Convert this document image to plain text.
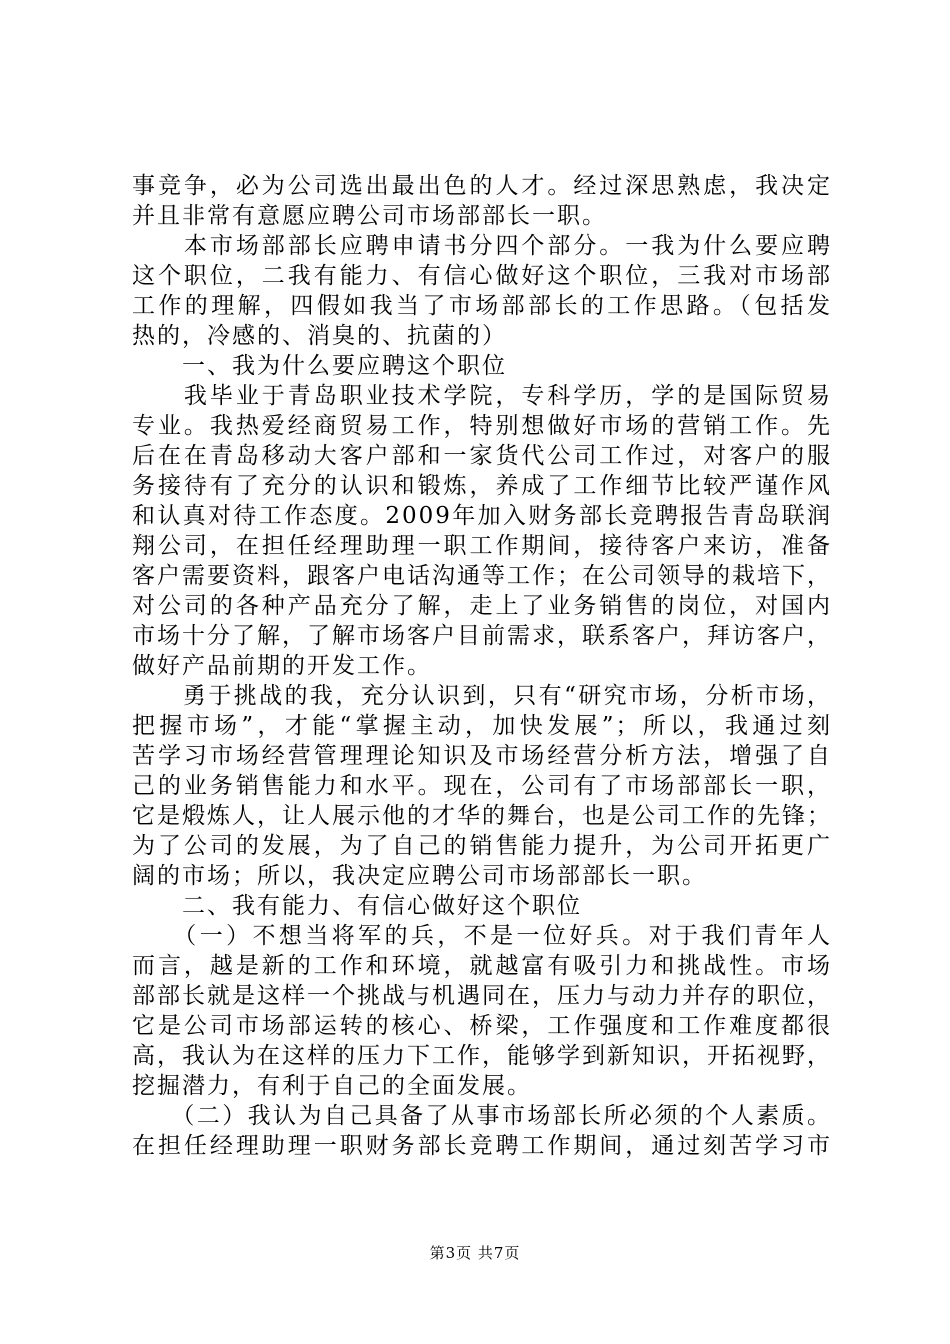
事竞争，必为公司选出最出色的人才。经过深思熟虑，我决定
并且非常有意愿应聘公司市场部部长一职。
　　本市场部部长应聘申请书分四个部分。一我为什么要应聘
这个职位，二我有能力、有信心做好这个职位，三我对市场部
工作的理解，四假如我当了市场部部长的工作思路。（包括发
热的，冷感的、消臭的、抗菌的）
　　一、我为什么要应聘这个职位
　　我毕业于青岛职业技术学院，专科学历，学的是国际贸易
专业。我热爱经商贸易工作，特别想做好市场的营销工作。先
后在在青岛移动大客户部和一家货代公司工作过，对客户的服
务接待有了充分的认识和锻炼，养成了工作细节比较严谨作风
和认真对待工作态度。2009年加入财务部长竞聘报告青岛联润
翔公司，在担任经理助理一职工作期间，接待客户来访，准备
客户需要资料，跟客户电话沟通等工作；在公司领导的栽培下，
对公司的各种产品充分了解，走上了业务销售的岗位，对国内
市场十分了解，了解市场客户目前需求，联系客户，拜访客户，
做好产品前期的开发工作。
　　勇于挑战的我，充分认识到，只有“研究市场，分析市场，
把握市场”，才能“掌握主动，加快发展”；所以，我通过刻
苦学习市场经营管理理论知识及市场经营分析方法，增强了自
己的业务销售能力和水平。现在，公司有了市场部部长一职，
它是煅炼人，让人展示他的才华的舞台，也是公司工作的先锋；
为了公司的发展，为了自己的销售能力提升，为公司开拓更广
阔的市场；所以，我决定应聘公司市场部部长一职。
　　二、我有能力、有信心做好这个职位
　　（一）不想当将军的兵，不是一位好兵。对于我们青年人
而言，越是新的工作和环境，就越富有吸引力和挑战性。市场
部部长就是这样一个挑战与机遇同在，压力与动力并存的职位，
它是公司市场部运转的核心、桥梁，工作强度和工作难度都很
高，我认为在这样的压力下工作，能够学到新知识，开拓视野，
挖掘潜力，有利于自己的全面发展。
　　（二）我认为自己具备了从事市场部长所必须的个人素质。
在担任经理助理一职财务部长竞聘工作期间，通过刻苦学习市
第3页 共7页
